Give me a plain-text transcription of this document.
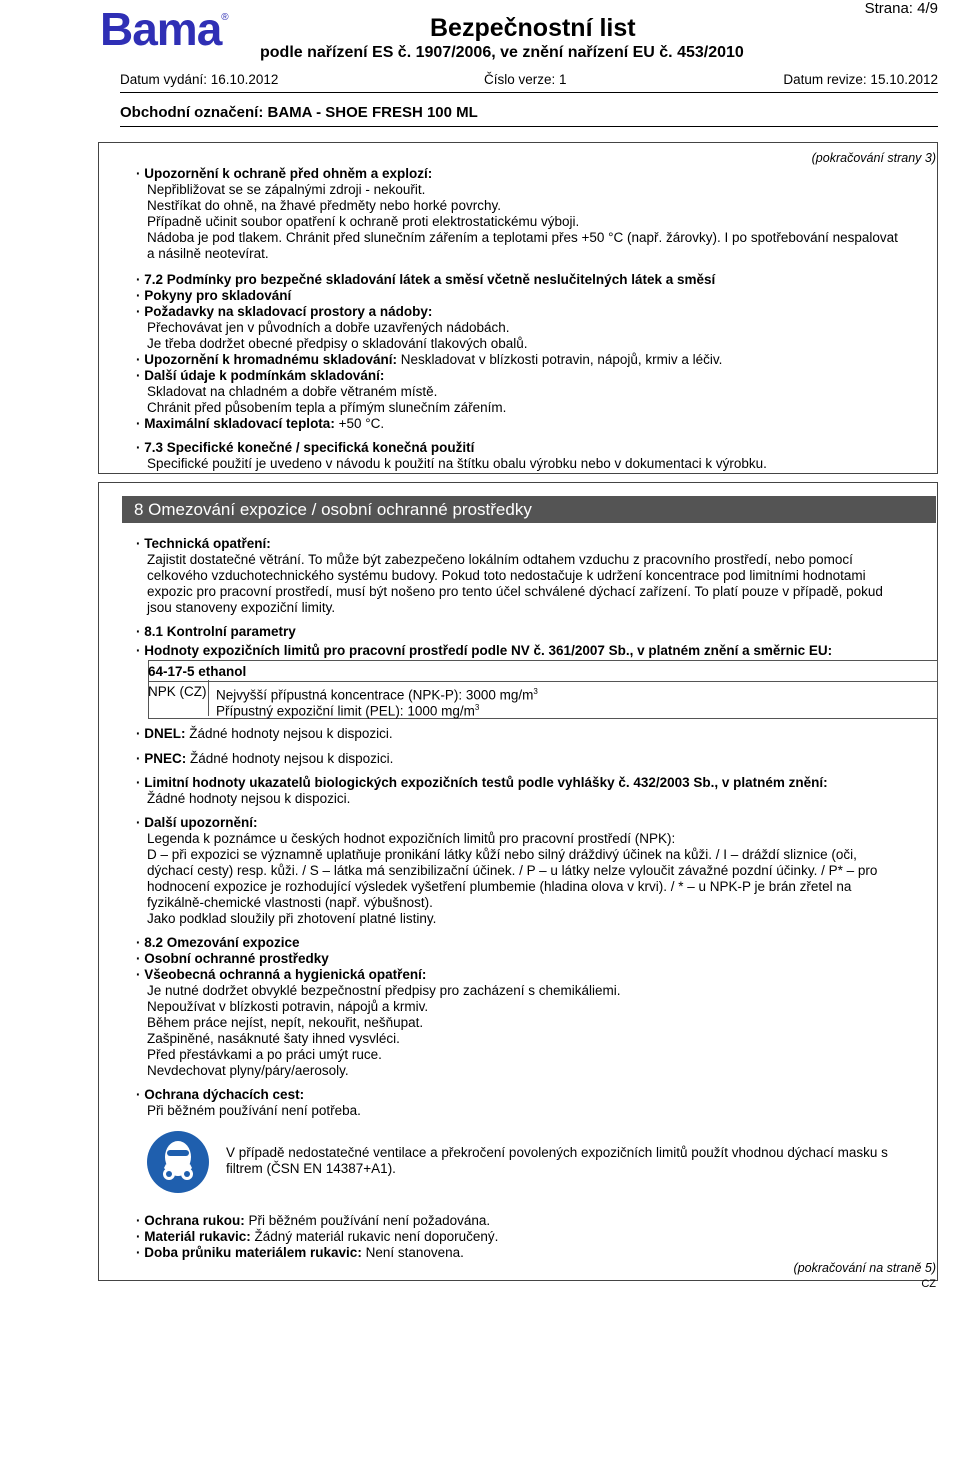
Bama®
Strana: 4/9
Bezpečnostní list
podle nařízení ES č. 1907/2006, ve znění nařízení EU č. 453/2010
Datum vydání: 16.10.2012	Číslo verze: 1	Datum revize: 15.10.2012
Obchodní označení: BAMA - SHOE FRESH 100 ML
(pokračování strany 3)
· Upozornění k ochraně před ohněm a explozí:
Nepřibližovat se se zápalnými zdroji - nekouřit.
Nestříkat do ohně, na žhavé předměty nebo horké povrchy.
Případně učinit soubor opatření k ochraně proti elektrostatickému výboji.
Nádoba je pod tlakem. Chránit před slunečním zářením a teplotami přes +50 °C (např. žárovky). I po spotřebování nespalovat
a násilně neotevírat.
· 7.2 Podmínky pro bezpečné skladování látek a směsí včetně neslučitelných látek a směsí
· Pokyny pro skladování
· Požadavky na skladovací prostory a nádoby:
Přechovávat jen v původních a dobře uzavřených nádobách.
Je třeba dodržet obecné předpisy o skladování tlakových obalů.
· Upozornění k hromadnému skladování: Neskladovat v blízkosti potravin, nápojů, krmiv a léčiv.
· Další údaje k podmínkám skladování:
Skladovat na chladném a dobře větraném místě.
Chránit před působením tepla a přímým slunečním zářením.
· Maximální skladovací teplota: +50 °C.
· 7.3 Specifické konečné / specifická konečná použití
Specifické použití je uvedeno v návodu k použití na štítku obalu výrobku nebo v dokumentaci k výrobku.
8 Omezování expozice / osobní ochranné prostředky
· Technická opatření:
Zajistit dostatečné větrání. To může být zabezpečeno lokálním odtahem vzduchu z pracovního prostředí, nebo pomocí
celkového vzduchotechnického systému budovy. Pokud toto nedostačuje k udržení koncentrace pod limitními hodnotami
expozic pro pracovní prostředí, musí být nošeno pro tento účel schválené dýchací zařízení. To platí pouze v případě, pokud
jsou stanoveny expoziční limity.
· 8.1 Kontrolní parametry
· Hodnoty expozičních limitů pro pracovní prostředí podle NV č. 361/2007 Sb., v platném znění a směrnic EU:
64-17-5 ethanol
NPK (CZ) Nejvyšší přípustná koncentrace (NPK-P): 3000 $mg/m^3$
Přípustný expoziční limit (PEL): 1000 $mg/m^3$
· DNEL: Žádné hodnoty nejsou k dispozici.
· PNEC: Žádné hodnoty nejsou k dispozici.
· Limitní hodnoty ukazatelů biologických expozičních testů podle vyhlášky č. 432/2003 Sb., v platném znění:
Žádné hodnoty nejsou k dispozici.
· Další upozornění:
Legenda k poznámce u českých hodnot expozičních limitů pro pracovní prostředí (NPK):
D – při expozici se významně uplatňuje pronikání látky kůží nebo silný dráždivý účinek na kůži. / I – dráždí sliznice (oči,
dýchací cesty) resp. kůži. / S – látka má senzibilizační účinek. / P – u látky nelze vyloučit závažné pozdní účinky. / P* – pro
hodnocení expozice je rozhodující výsledek vyšetření plumbemie (hladina olova v krvi). / * – u NPK-P je brán zřetel na
fyzikálně-chemické vlastnosti (např. výbušnost).
Jako podklad sloužily při zhotovení platné listiny.
· 8.2 Omezování expozice
· Osobní ochranné prostředky
· Všeobecná ochranná a hygienická opatření:
Je nutné dodržet obvyklé bezpečnostní předpisy pro zacházení s chemikáliemi.
Nepoužívat v blízkosti potravin, nápojů a krmiv.
Během práce nejíst, nepít, nekouřit, nešňupat.
Zašpiněné, nasáknuté šaty ihned vysvléci.
Před přestávkami a po práci umýt ruce.
Nevdechovat plyny/páry/aerosoly.
· Ochrana dýchacích cest:
Při běžném používání není potřeba.
V případě nedostatečné ventilace a překročení povolených expozičních limitů použít vhodnou dýchací masku s
filtrem (ČSN EN 14387+A1).
· Ochrana rukou: Při běžném používání není požadována.
· Materiál rukavic: Žádný materiál rukavic není doporučený.
· Doba průniku materiálem rukavic: Není stanovena.
(pokračování na straně 5)
CZ
